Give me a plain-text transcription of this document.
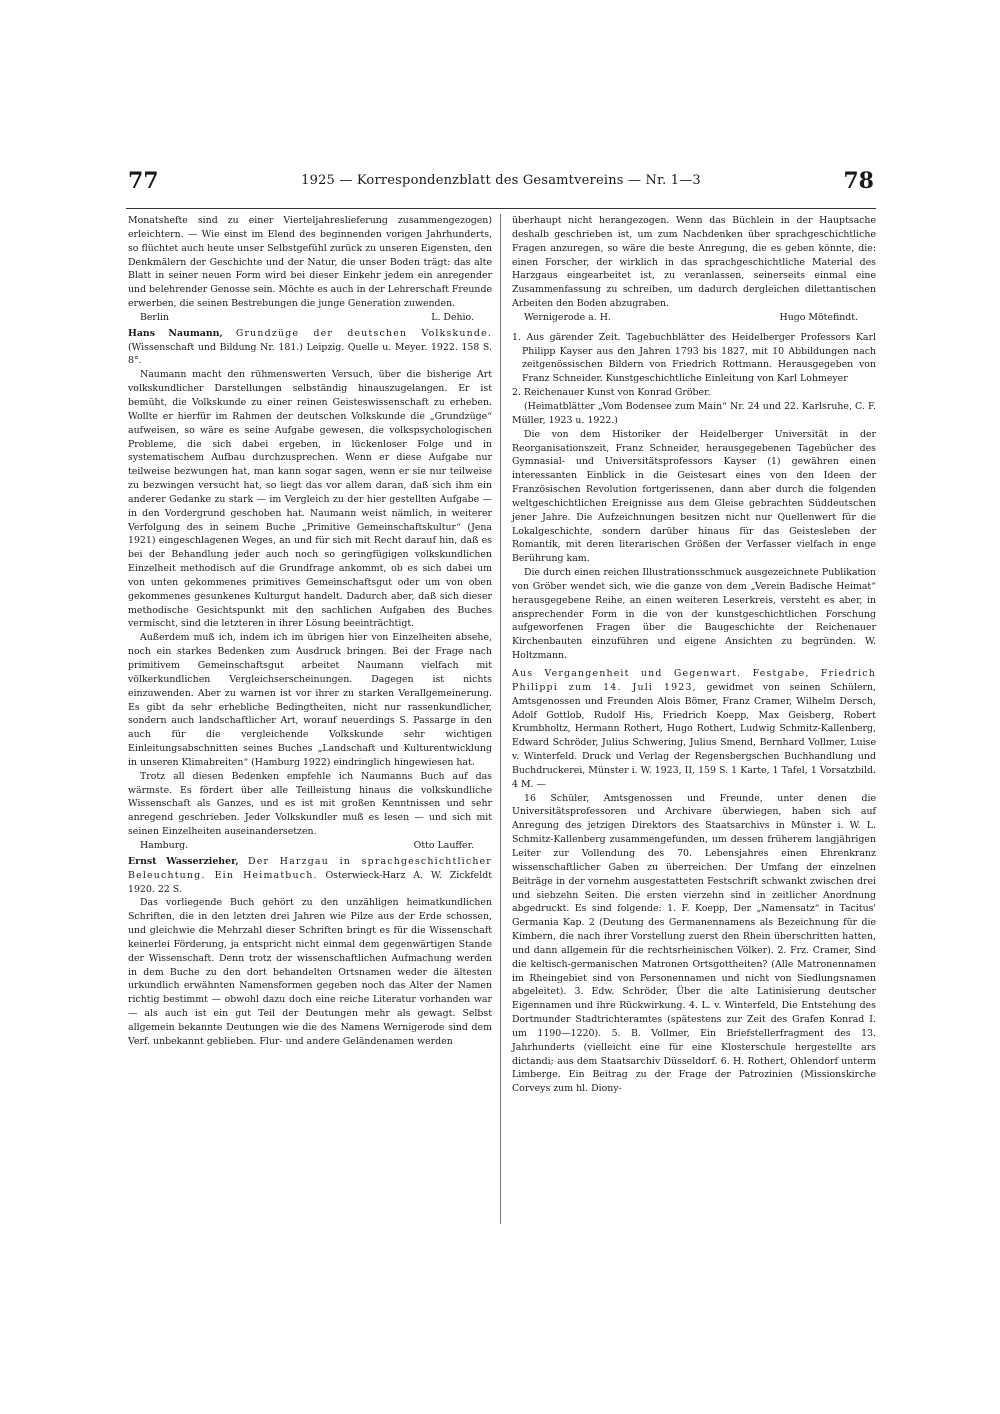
77	1925 — Korrespondenzblatt des Gesamtvereins — Nr. 1—3	78

Monatshefte sind zu einer Vierteljahreslieferung zusammengezogen) erleichtern. — Wie einst im Elend des beginnenden vorigen Jahrhunderts, so flüchtet auch heute unser Selbstgefühl zurück zu unseren Eigensten, den Denkmälern der Geschichte und der Natur, die unser Boden trägt: das alte Blatt in seiner neuen Form wird bei dieser Einkehr jedem ein anregender und belehrender Genosse sein. Möchte es auch in der Lehrerschaft Freunde erwerben, die seinen Bestrebungen die junge Generation zuwenden.

Berlin	L. Dehio.

Hans Naumann, Grundzüge der deutschen Volkskunde. (Wissenschaft und Bildung Nr. 181.) Leipzig. Quelle u. Meyer. 1922. 158 S. 8°.

Naumann macht den rühmenswerten Versuch, über die bisherige Art volkskundlicher Darstellungen selbständig hinauszugelangen. Er ist bemüht, die Volkskunde zu einer reinen Geisteswissenschaft zu erheben. Wollte er hierfür im Rahmen der deutschen Volkskunde die „Grundzüge“ aufweisen, so wäre es seine Aufgabe gewesen, die volkspsychologischen Probleme, die sich dabei ergeben, in lückenloser Folge und in systematischem Aufbau durchzusprechen. Wenn er diese Aufgabe nur teilweise bezwungen hat, man kann sogar sagen, wenn er sie nur teilweise zu bezwingen versucht hat, so liegt das vor allem daran, daß sich ihm ein anderer Gedanke zu stark — im Vergleich zu der hier gestellten Aufgabe — in den Vordergrund geschoben hat. Naumann weist nämlich, in weiterer Verfolgung des in seinem Buche „Primitive Gemeinschaftskultur“ (Jena 1921) eingeschlagenen Weges, an und für sich mit Recht darauf hin, daß es bei der Behandlung jeder auch noch so geringfügigen volkskundlichen Einzelheit methodisch auf die Grundfrage ankommt, ob es sich dabei um von unten gekommenes primitives Gemeinschaftsgut oder um von oben gekommenes gesunkenes Kulturgut handelt. Dadurch aber, daß sich dieser methodische Gesichtspunkt mit den sachlichen Aufgaben des Buches vermischt, sind die letzteren in ihrer Lösung beeinträchtigt.

Außerdem muß ich, indem ich im übrigen hier von Einzelheiten absehe, noch ein starkes Bedenken zum Ausdruck bringen. Bei der Frage nach primitivem Gemeinschaftsgut arbeitet Naumann vielfach mit völkerkundlichen Vergleichserscheinungen. Dagegen ist nichts einzuwenden. Aber zu warnen ist vor ihrer zu starken Verallgemeinerung. Es gibt da sehr erhebliche Bedingtheiten, nicht nur rassenkundlicher, sondern auch landschaftlicher Art, worauf neuerdings S. Passarge in den auch für die vergleichende Volkskunde sehr wichtigen Einleitungsabschnitten seines Buches „Landschaft und Kulturentwicklung in unseren Klimabreiten“ (Hamburg 1922) eindringlich hingewiesen hat.

Trotz all diesen Bedenken empfehle ich Naumanns Buch auf das wärmste. Es fördert über alle Teilleistung hinaus die volkskundliche Wissenschaft als Ganzes, und es ist mit großen Kenntnissen und sehr anregend geschrieben. Jeder Volkskundler muß es lesen — und sich mit seinen Einzelheiten auseinandersetzen.

Hamburg.	Otto Lauffer.

Ernst Wasserzieher, Der Harzgau in sprachgeschichtlicher Beleuchtung. Ein Heimatbuch. Osterwieck-Harz A. W. Zickfeldt 1920. 22 S.

Das vorliegende Buch gehört zu den unzähligen heimatkundlichen Schriften, die in den letzten drei Jahren wie Pilze aus der Erde schossen, und gleichwie die Mehrzahl dieser Schriften bringt es für die Wissenschaft keinerlei Förderung, ja entspricht nicht einmal dem gegenwärtigen Stande der Wissenschaft. Denn trotz der wissenschaftlichen Aufmachung werden in dem Buche zu den dort behandelten Ortsnamen weder die ältesten urkundlich erwähnten Namensformen gegeben noch das Alter der Namen richtig bestimmt — obwohl dazu doch eine reiche Literatur vorhanden war — als auch ist ein gut Teil der Deutungen mehr als gewagt. Selbst allgemein bekannte Deutungen wie die des Namens Wernigerode sind dem Verf. unbekannt geblieben. Flur- und andere Geländenamen werden

überhaupt nicht herangezogen. Wenn das Büchlein in der Hauptsache deshalb geschrieben ist, um zum Nachdenken über sprachgeschichtliche Fragen anzuregen, so wäre die beste Anregung, die es geben könnte, die: einen Forscher, der wirklich in das sprachgeschichtliche Material des Harzgaus eingearbeitet ist, zu veranlassen, seinerseits einmal eine Zusammenfassung zu schreiben, um dadurch dergleichen dilettantischen Arbeiten den Boden abzugraben.

Wernigerode a. H.	Hugo Mötefindt.

1. Aus gärender Zeit. Tagebuchblätter des Heidelberger Professors Karl Philipp Kayser aus den Jahren 1793 bis 1827, mit 10 Abbildungen nach zeitgenössischen Bildern von Friedrich Rottmann. Herausgegeben von Franz Schneider. Kunstgeschichtliche Einleitung von Karl Lohmeyer

2. Reichenauer Kunst von Konrad Gröber.

(Heimatblätter „Vom Bodensee zum Main“ Nr. 24 und 22. Karlsruhe, C. F. Müller, 1923 u. 1922.)

Die von dem Historiker der Heidelberger Universität in der Reorganisationszeit, Franz Schneider, herausgegebenen Tagebücher des Gymnasial- und Universitätsprofessors Kayser (1) gewähren einen interessanten Einblick in die Geistesart eines von den Ideen der Französischen Revolution fortgerissenen, dann aber durch die folgenden weltgeschichtlichen Ereignisse aus dem Gleise gebrachten Süddeutschen jener Jahre. Die Aufzeichnungen besitzen nicht nur Quellenwert für die Lokalgeschichte, sondern darüber hinaus für das Geistesleben der Romantik, mit deren literarischen Größen der Verfasser vielfach in enge Berührung kam.

Die durch einen reichen Illustrationsschmuck ausgezeichnete Publikation von Gröber wendet sich, wie die ganze von dem „Verein Badische Heimat“ herausgegebene Reihe, an einen weiteren Leserkreis, versteht es aber, in ansprechender Form in die von der kunstgeschichtlichen Forschung aufgeworfenen Fragen über die Baugeschichte der Reichenauer Kirchenbauten einzuführen und eigene Ansichten zu begründen. W. Holtzmann.

Aus Vergangenheit und Gegenwart. Festgabe, Friedrich Philippi zum 14. Juli 1923, gewidmet von seinen Schülern, Amtsgenossen und Freunden Alois Bömer, Franz Cramer, Wilhelm Dersch, Adolf Gottlob, Rudolf His, Friedrich Koepp, Max Geisberg, Robert Krumbholtz, Hermann Rothert, Hugo Rothert, Ludwig Schmitz-Kallenberg, Edward Schröder, Julius Schwering, Julius Smend, Bernhard Vollmer, Luise v. Winterfeld. Druck und Verlag der Regensbergschen Buchhandlung und Buchdruckerei, Münster i. W. 1923, II, 159 S. 1 Karte, 1 Tafel, 1 Vorsatzbild. 4 M. —

16 Schüler, Amtsgenossen und Freunde, unter denen die Universitätsprofessoren und Archivare überwiegen, haben sich auf Anregung des jetzigen Direktors des Staatsarchivs in Münster i. W. L. Schmitz-Kallenberg zusammengefunden, um dessen früherem langjährigen Leiter zur Vollendung des 70. Lebensjahres einen Ehrenkranz wissenschaftlicher Gaben zu überreichen. Der Umfang der einzelnen Beiträge in der vornehm ausgestatteten Festschrift schwankt zwischen drei und siebzehn Seiten. Die ersten vierzehn sind in zeitlicher Anordnung abgedruckt. Es sind folgende: 1. F. Koepp, Der „Namensatz“ in Tacitus' Germania Kap. 2 (Deutung des Germanennamens als Bezeichnung für die Kimbern, die nach ihrer Vorstellung zuerst den Rhein überschritten hatten, und dann allgemein für die rechtsrheinischen Völker). 2. Frz. Cramer, Sind die keltisch-germanischen Matronen Ortsgottheiten? (Alle Matronennamen im Rheingebiet sind von Personennamen und nicht von Siedlungsnamen abgeleitet). 3. Edw. Schröder, Über die alte Latinisierung deutscher Eigennamen und ihre Rückwirkung. 4. L. v. Winterfeld, Die Entstehung des Dortmunder Stadtrichteramtes (spätestens zur Zeit des Grafen Konrad I. um 1190—1220). 5. B. Vollmer, Ein Briefstellerfragment des 13. Jahrhunderts (vielleicht eine für eine Klosterschule hergestellte ars dictandi; aus dem Staatsarchiv Düsseldorf. 6. H. Rothert, Ohlendorf unterm Limberge. Ein Beitrag zu der Frage der Patrozinien (Missionskirche Corveys zum hl. Diony-
